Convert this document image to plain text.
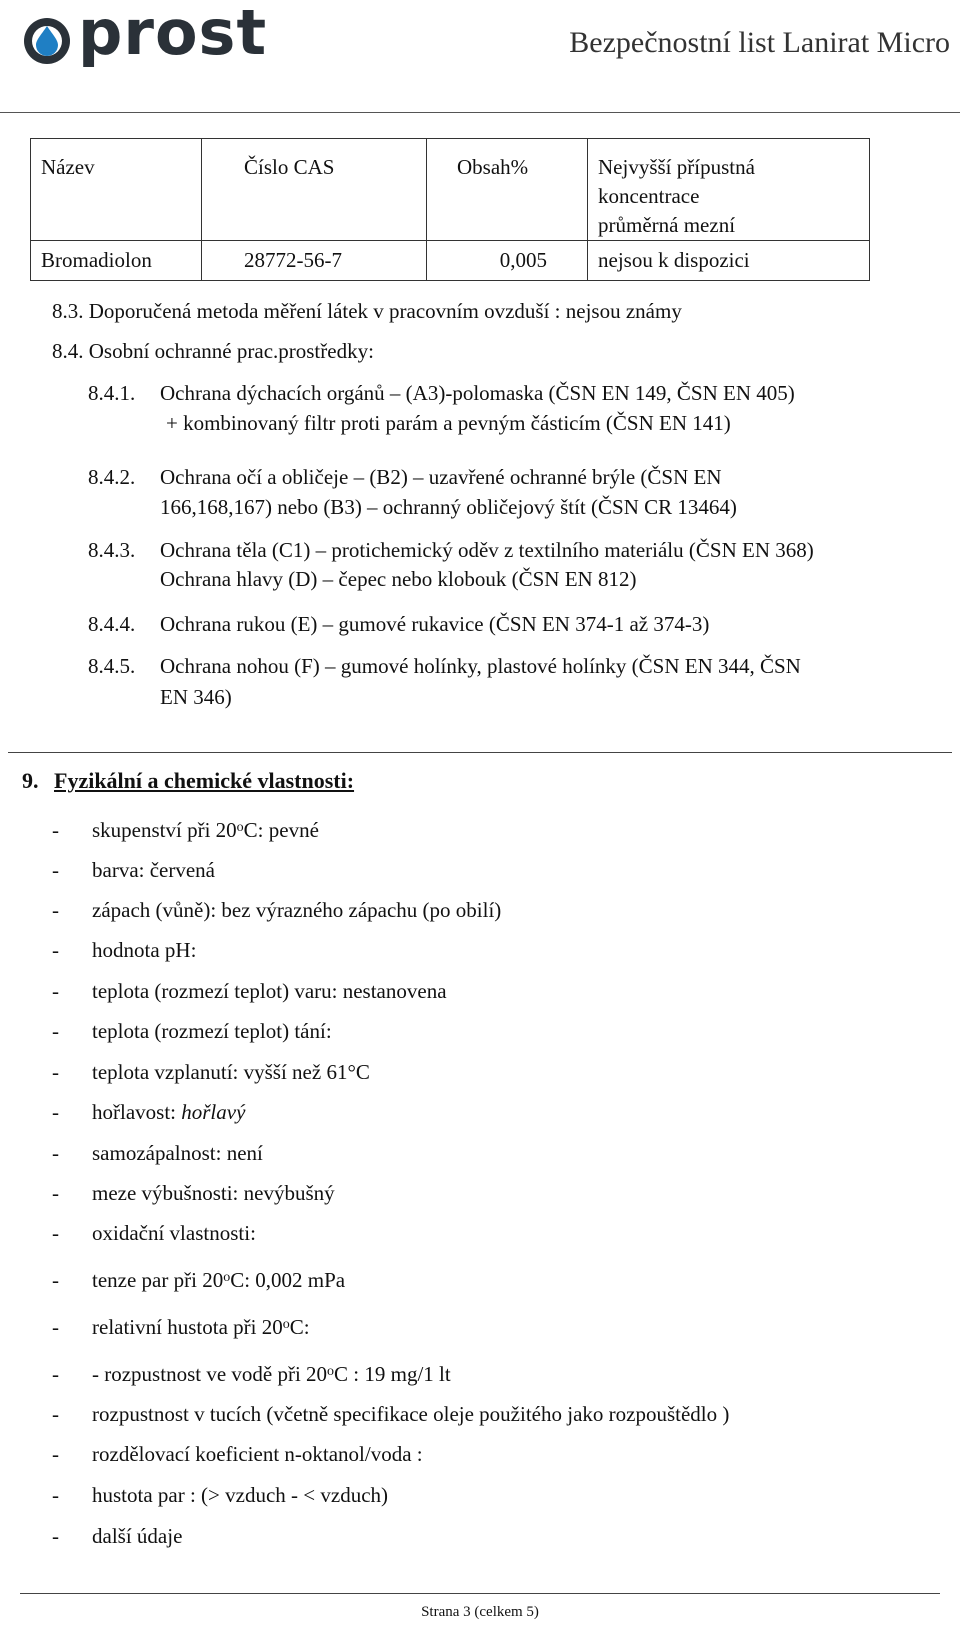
prost	Bezpečnostní list Lanirat Micro
Název	Číslo CAS	Obsah%	Nejvyšší přípustná koncentrace
průměrná mezní

Bromadiolon	28772-56-7	0,005	nejsou k dispozici
8.3. Doporučená metoda měření látek v pracovním ovzduší : nejsou známy
8.4. Osobní ochranné prac.prostředky:
8.4.1. Ochrana dýchacích orgánů – (A3)-polomaska (ČSN EN 149, ČSN EN 405)
+ kombinovaný filtr proti parám a pevným částicím (ČSN EN 141)
8.4.2. Ochrana očí a obličeje – (B2) – uzavřené ochranné brýle (ČSN EN
166,168,167) nebo (B3) – ochranný obličejový štít (ČSN CR 13464)
8.4.3. Ochrana těla (C1) – protichemický oděv z textilního materiálu (ČSN EN 368)
Ochrana hlavy (D) – čepec nebo klobouk (ČSN EN 812)
8.4.4. Ochrana rukou (E) – gumové rukavice (ČSN EN 374-1 až 374-3)
8.4.5. Ochrana nohou (F) – gumové holínky, plastové holínky (ČSN EN 344, ČSN
EN 346)
9. Fyzikální a chemické vlastnosti:
- skupenství při 20$^o$C: pevné
- barva: červená
- zápach (vůně): bez výrazného zápachu (po obilí)
- hodnota pH:
- teplota (rozmezí teplot) varu: nestanovena
- teplota (rozmezí teplot) tání:
- teplota vzplanutí: vyšší než 61°C
- hořlavost: hořlavý
- samozápalnost: není
- meze výbušnosti: nevýbušný
- oxidační vlastnosti:
- tenze par při 20$^o$C: 0,002 mPa
- relativní hustota při 20$^o$C:
- - rozpustnost ve vodě při 20$^o$C : 19 mg/1 lt
- rozpustnost v tucích (včetně specifikace oleje použitého jako rozpouštědlo )
- rozdělovací koeficient n-oktanol/voda :
- hustota par : (> vzduch - < vzduch)
- další údaje
Strana 3 (celkem 5)
